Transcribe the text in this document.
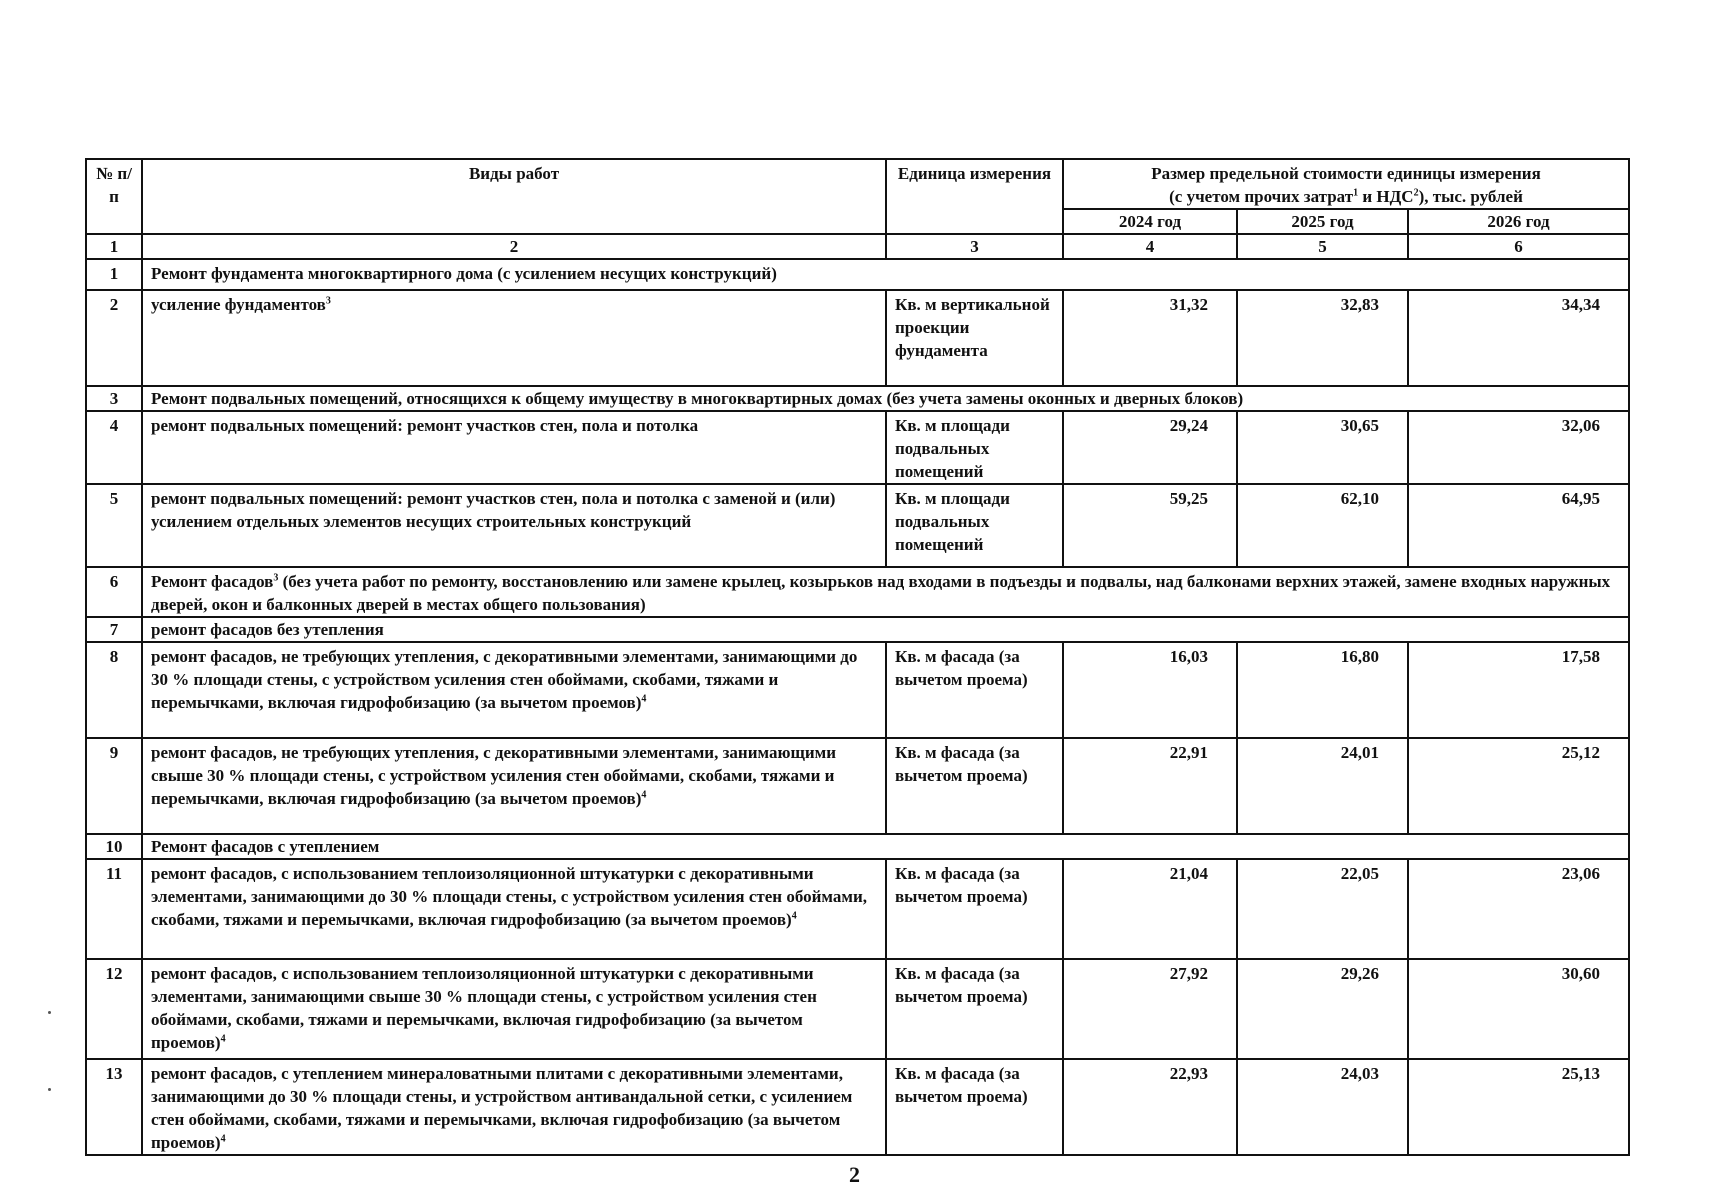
№ п/п	Виды работ	Единица измерения	Размер предельной стоимости единицы измерения
(с учетом прочих затрат$^1$ и НДС$^2$), тыс. рублей		

			2024 год	2025 год	2026 год
1	2	3	4	5	6
1	Ремонт фундамента многоквартирного дома (с усилением несущих конструкций)				
2	усиление фундаментов$^3$	Кв. м вертикальной проекции фундамента	31,32	32,83	34,34
3	Ремонт подвальных помещений, относящихся к общему имуществу в многоквартирных домах (без учета замены оконных и дверных блоков)				
4	ремонт подвальных помещений: ремонт участков стен, пола и потолка	Кв. м площади подвальных помещений	29,24	30,65	32,06
5	ремонт подвальных помещений: ремонт участков стен, пола и потолка с заменой и (или) усилением отдельных элементов несущих строительных конструкций	Кв. м площади подвальных помещений	59,25	62,10	64,95
6	Ремонт фасадов$^3$ (без учета работ по ремонту, восстановлению или замене крылец, козырьков над входами в подъезды и подвалы, над балконами верхних этажей, замене входных наружных дверей, окон и балконных дверей в местах общего пользования)				
7	ремонт фасадов без утепления				
8	ремонт фасадов, не требующих утепления, с декоративными элементами, занимающими до 30 % площади стены, с устройством усиления стен обоймами, скобами, тяжами и перемычками, включая гидрофобизацию (за вычетом проемов)$^4$	Кв. м фасада (за вычетом проема)	16,03	16,80	17,58
9	ремонт фасадов, не требующих утепления, с декоративными элементами, занимающими свыше 30 % площади стены, с устройством усиления стен обоймами, скобами, тяжами и перемычками, включая гидрофобизацию (за вычетом проемов)$^4$	Кв. м фасада (за вычетом проема)	22,91	24,01	25,12
10	Ремонт фасадов с утеплением				
11	ремонт фасадов, с использованием теплоизоляционной штукатурки с декоративными элементами, занимающими до 30 % площади стены, с устройством усиления стен обоймами, скобами, тяжами и перемычками, включая гидрофобизацию (за вычетом проемов)$^4$	Кв. м фасада (за вычетом проема)	21,04	22,05	23,06
12	ремонт фасадов, с использованием теплоизоляционной штукатурки с декоративными элементами, занимающими свыше 30 % площади стены, с устройством усиления стен обоймами, скобами, тяжами и перемычками, включая гидрофобизацию (за вычетом проемов)$^4$	Кв. м фасада (за вычетом проема)	27,92	29,26	30,60
13	ремонт фасадов, с утеплением минераловатными плитами с декоративными элементами, занимающими до 30 % площади стены, и устройством антивандальной сетки, с усилением стен обоймами, скобами, тяжами и перемычками, включая гидрофобизацию (за вычетом проемов)$^4$	Кв. м фасада (за вычетом проема)	22,93	24,03	25,13
2
